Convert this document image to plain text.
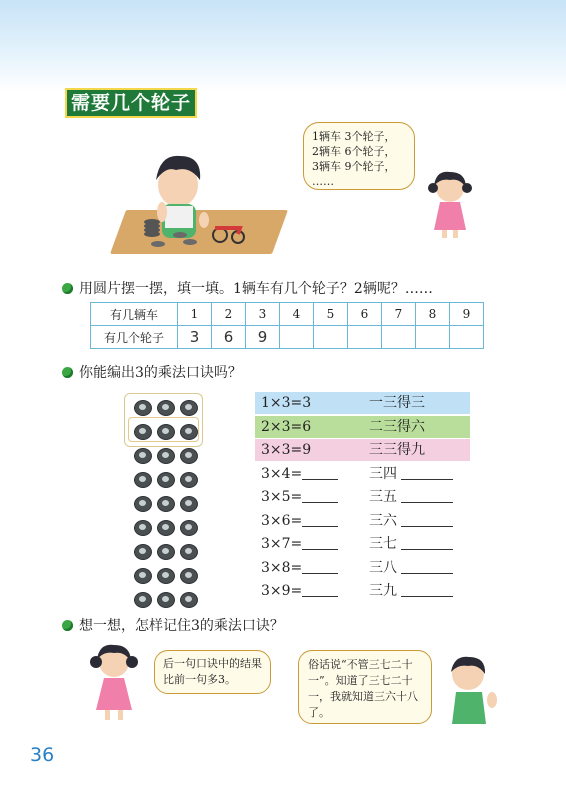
需要几个轮子
1辆车 3个轮子，
2辆车 6个轮子，
3辆车 9个轮子，
……
用圆片摆一摆，填一填。1辆车有几个轮子？2辆呢？……
有几辆车	1	2	3	4	5	6	7	8	9
有几个轮子	3	6	9						
你能编出3的乘法口诀吗？
想一想，怎样记住3的乘法口诀？
后一句口诀中的结果比前一句多3。
俗话说“不管三七二十一”。知道了三七二十一，我就知道三六十八了。
36
1×3=3	一三得三
2×3=6	二三得六
3×3=9	三三得九
3×4=	三四
3×5=	三五
3×6=	三六
3×7=	三七
3×8=	三八
3×9=	三九
